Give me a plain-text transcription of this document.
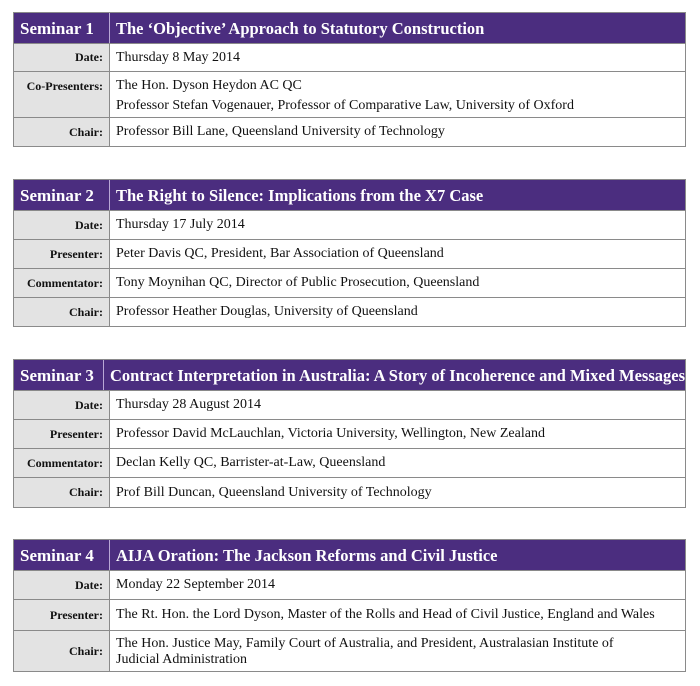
Seminar 1	The ‘Objective’ Approach to Statutory Construction
Date: Thursday 8 May 2014
Co-Presenters: The Hon. Dyson Heydon AC QC
Professor Stefan Vogenauer, Professor of Comparative Law, University of Oxford
Chair: Professor Bill Lane, Queensland University of Technology
Seminar 2	The Right to Silence: Implications from the X7 Case
Date: Thursday 17 July 2014
Presenter: Peter Davis QC, President, Bar Association of Queensland
Commentator: Tony Moynihan QC, Director of Public Prosecution, Queensland
Chair: Professor Heather Douglas, University of Queensland
Seminar 3 Contract Interpretation in Australia: A Story of Incoherence and Mixed Messages
Date: Thursday 28 August 2014
Presenter: Professor David McLauchlan, Victoria University, Wellington, New Zealand
Commentator: Declan Kelly QC, Barrister-at-Law, Queensland
Chair: Prof Bill Duncan, Queensland University of Technology
Seminar 4	AIJA Oration: The Jackson Reforms and Civil Justice
Date: Monday 22 September 2014
Presenter: The Rt. Hon. the Lord Dyson, Master of the Rolls and Head of Civil Justice, England and Wales
Chair: The Hon. Justice May, Family Court of Australia, and President, Australasian Institute of
Judicial Administration
